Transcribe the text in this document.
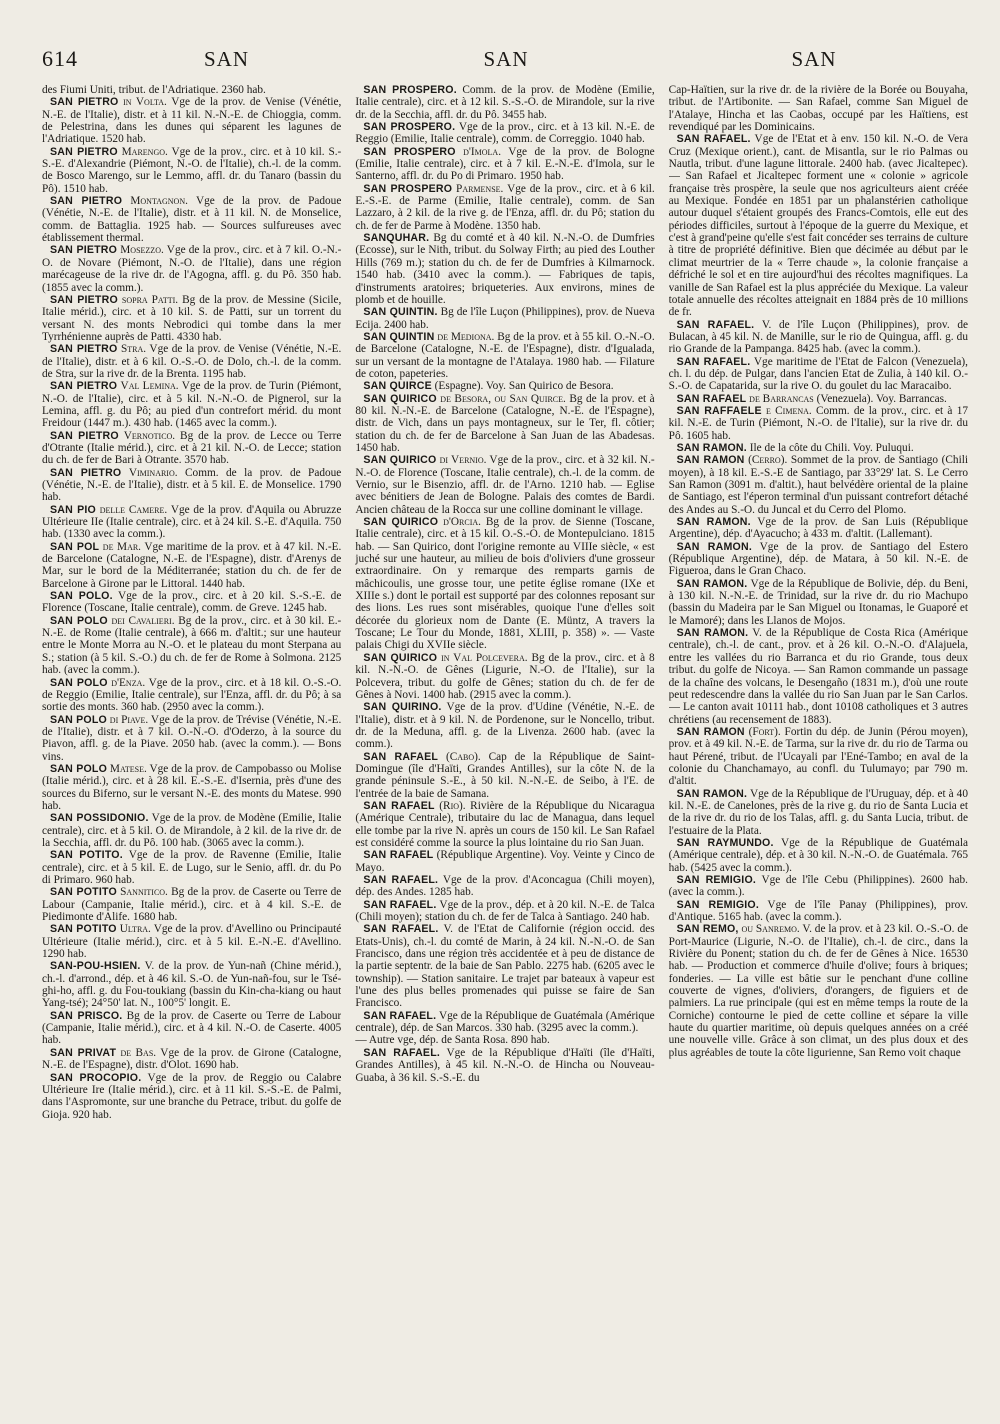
614	SAN	SAN	SAN

des Fiumi Uniti, tribut. de l'Adriatique. 2360 hab.

SAN PIETRO in Volta. Vge de la prov. de Venise (Vénétie, N.-E. de l'Italie), distr. et à 11 kil. N.-N.-E. de Chioggia, comm. de Pelestrina, dans les dunes qui séparent les lagunes de l'Adriatique. 1520 hab.

SAN PIETRO Marengo. Vge de la prov., circ. et à 10 kil. S.-S.-E. d'Alexandrie (Piémont, N.-O. de l'Italie), ch.-l. de la comm. de Bosco Marengo, sur le Lemmo, affl. dr. du Tanaro (bassin du Pô). 1510 hab.

SAN PIETRO Montagnon. Vge de la prov. de Padoue (Vénétie, N.-E. de l'Italie), distr. et à 11 kil. N. de Monselice, comm. de Battaglia. 1925 hab. — Sources sulfureuses avec établissement thermal.

SAN PIETRO Mosezzo. Vge de la prov., circ. et à 7 kil. O.-N.-O. de Novare (Piémont, N.-O. de l'Italie), dans une région marécageuse de la rive dr. de l'Agogna, affl. g. du Pô. 350 hab. (1855 avec la comm.).

SAN PIETRO sopra Patti. Bg de la prov. de Messine (Sicile, Italie mérid.), circ. et à 10 kil. S. de Patti, sur un torrent du versant N. des monts Nebrodici qui tombe dans la mer Tyrrhénienne auprès de Patti. 4330 hab.

SAN PIETRO Stra. Vge de la prov. de Venise (Vénétie, N.-E. de l'Italie), distr. et à 6 kil. O.-S.-O. de Dolo, ch.-l. de la comm. de Stra, sur la rive dr. de la Brenta. 1195 hab.

SAN PIETRO Val Lemina. Vge de la prov. de Turin (Piémont, N.-O. de l'Italie), circ. et à 5 kil. N.-N.-O. de Pignerol, sur la Lemina, affl. g. du Pô; au pied d'un contrefort mérid. du mont Freidour (1447 m.). 430 hab. (1465 avec la comm.).

SAN PIETRO Vernotico. Bg de la prov. de Lecce ou Terre d'Otrante (Italie mérid.), circ. et à 21 kil. N.-O. de Lecce; station du ch. de fer de Bari à Otrante. 3570 hab.

SAN PIETRO Viminario. Comm. de la prov. de Padoue (Vénétie, N.-E. de l'Italie), distr. et à 5 kil. E. de Monselice. 1790 hab.

SAN PIO delle Camere. Vge de la prov. d'Aquila ou Abruzze Ultérieure IIe (Italie centrale), circ. et à 24 kil. S.-E. d'Aquila. 750 hab. (1330 avec la comm.).

SAN POL de Mar. Vge maritime de la prov. et à 47 kil. N.-E. de Barcelone (Catalogne, N.-E. de l'Espagne), distr. d'Arenys de Mar, sur le bord de la Méditerranée; station du ch. de fer de Barcelone à Girone par le Littoral. 1440 hab.

SAN POLO. Vge de la prov., circ. et à 20 kil. S.-S.-E. de Florence (Toscane, Italie centrale), comm. de Greve. 1245 hab.

SAN POLO dei Cavalieri. Bg de la prov., circ. et à 30 kil. E.-N.-E. de Rome (Italie centrale), à 666 m. d'altit.; sur une hauteur entre le Monte Morra au N.-O. et le plateau du mont Sterpana au S.; station (à 5 kil. S.-O.) du ch. de fer de Rome à Solmona. 2125 hab. (avec la comm.).

SAN POLO d'Enza. Vge de la prov., circ. et à 18 kil. O.-S.-O. de Reggio (Emilie, Italie centrale), sur l'Enza, affl. dr. du Pô; à sa sortie des monts. 360 hab. (2950 avec la comm.).

SAN POLO di Piave. Vge de la prov. de Trévise (Vénétie, N.-E. de l'Italie), distr. et à 7 kil. O.-N.-O. d'Oderzo, à la source du Piavon, affl. g. de la Piave. 2050 hab. (avec la comm.). — Bons vins.

SAN POLO Matese. Vge de la prov. de Campobasso ou Molise (Italie mérid.), circ. et à 28 kil. E.-S.-E. d'Isernia, près d'une des sources du Biferno, sur le versant N.-E. des monts du Matese. 990 hab.

SAN POSSIDONIO. Vge de la prov. de Modène (Emilie, Italie centrale), circ. et à 5 kil. O. de Mirandole, à 2 kil. de la rive dr. de la Secchia, affl. dr. du Pô. 100 hab. (3065 avec la comm.).

SAN POTITO. Vge de la prov. de Ravenne (Emilie, Italie centrale), circ. et à 5 kil. E. de Lugo, sur le Senio, affl. dr. du Po di Primaro. 960 hab.

SAN POTITO Sannitico. Bg de la prov. de Caserte ou Terre de Labour (Campanie, Italie mérid.), circ. et à 4 kil. S.-E. de Piedimonte d'Alife. 1680 hab.

SAN POTITO Ultra. Vge de la prov. d'Avellino ou Principauté Ultérieure (Italie mérid.), circ. et à 5 kil. E.-N.-E. d'Avellino. 1290 hab.

SAN-POU-HSIEN. V. de la prov. de Yun-nañ (Chine mérid.), ch.-l. d'arrond., dép. et à 46 kil. S.-O. de Yun-nañ-fou, sur le Tsé-ghi-ho, affl. g. du Fou-toukiang (bassin du Kin-cha-kiang ou haut Yang-tsé); 24°50' lat. N., 100°5' longit. E.

SAN PRISCO. Bg de la prov. de Caserte ou Terre de Labour (Campanie, Italie mérid.), circ. et à 4 kil. N.-O. de Caserte. 4005 hab.

SAN PRIVAT de Bas. Vge de la prov. de Girone (Catalogne, N.-E. de l'Espagne), distr. d'Olot. 1690 hab.

SAN PROCOPIO. Vge de la prov. de Reggio ou Calabre Ultérieure Ire (Italie mérid.), circ. et à 11 kil. S.-S.-E. de Palmi, dans l'Aspromonte, sur une branche du Petrace, tribut. du golfe de Gioja. 920 hab.

SAN PROSPERO. Comm. de la prov. de Modène (Emilie, Italie centrale), circ. et à 12 kil. S.-S.-O. de Mirandole, sur la rive dr. de la Secchia, affl. dr. du Pô. 3455 hab.

SAN PROSPERO. Vge de la prov., circ. et à 13 kil. N.-E. de Reggio (Emilie, Italie centrale), comm. de Correggio. 1040 hab.

SAN PROSPERO d'Imola. Vge de la prov. de Bologne (Emilie, Italie centrale), circ. et à 7 kil. E.-N.-E. d'Imola, sur le Santerno, affl. dr. du Po di Primaro. 1950 hab.

SAN PROSPERO Parmense. Vge de la prov., circ. et à 6 kil. E.-S.-E. de Parme (Emilie, Italie centrale), comm. de San Lazzaro, à 2 kil. de la rive g. de l'Enza, affl. dr. du Pô; station du ch. de fer de Parme à Modène. 1350 hab.

SANQUHAR. Bg du comté et à 40 kil. N.-N.-O. de Dumfries (Ecosse), sur le Nith, tribut. du Solway Firth; au pied des Louther Hills (769 m.); station du ch. de fer de Dumfries à Kilmarnock. 1540 hab. (3410 avec la comm.). — Fabriques de tapis, d'instruments aratoires; briqueteries. Aux environs, mines de plomb et de houille.

SAN QUINTIN. Bg de l'île Luçon (Philippines), prov. de Nueva Ecija. 2400 hab.

SAN QUINTIN de Mediona. Bg de la prov. et à 55 kil. O.-N.-O. de Barcelone (Catalogne, N.-E. de l'Espagne), distr. d'Igualada, sur un versant de la montagne de l'Atalaya. 1980 hab. — Filature de coton, papeteries.

SAN QUIRCE (Espagne). Voy. San Quirico de Besora.

SAN QUIRICO de Besora, ou San Quirce. Bg de la prov. et à 80 kil. N.-N.-E. de Barcelone (Catalogne, N.-E. de l'Espagne), distr. de Vich, dans un pays montagneux, sur le Ter, fl. côtier; station du ch. de fer de Barcelone à San Juan de las Abadesas. 1450 hab.

SAN QUIRICO di Vernio. Vge de la prov., circ. et à 32 kil. N.-N.-O. de Florence (Toscane, Italie centrale), ch.-l. de la comm. de Vernio, sur le Bisenzio, affl. dr. de l'Arno. 1210 hab. — Eglise avec bénitiers de Jean de Bologne. Palais des comtes de Bardi. Ancien château de la Rocca sur une colline dominant le village.

SAN QUIRICO d'Orcia. Bg de la prov. de Sienne (Toscane, Italie centrale), circ. et à 15 kil. O.-S.-O. de Montepulciano. 1815 hab. — San Quirico, dont l'origine remonte au VIIIe siècle, « est juché sur une hauteur, au milieu de bois d'oliviers d'une grosseur extraordinaire. On y remarque des remparts garnis de mâchicoulis, une grosse tour, une petite église romane (IXe et XIIIe s.) dont le portail est supporté par des colonnes reposant sur des lions. Les rues sont misérables, quoique l'une d'elles soit décorée du glorieux nom de Dante (E. Müntz, A travers la Toscane; Le Tour du Monde, 1881, XLIII, p. 358) ». — Vaste palais Chigi du XVIIe siècle.

SAN QUIRICO in Val Polcevera. Bg de la prov., circ. et à 8 kil. N.-N.-O. de Gênes (Ligurie, N.-O. de l'Italie), sur la Polcevera, tribut. du golfe de Gênes; station du ch. de fer de Gênes à Novi. 1400 hab. (2915 avec la comm.).

SAN QUIRINO. Vge de la prov. d'Udine (Vénétie, N.-E. de l'Italie), distr. et à 9 kil. N. de Pordenone, sur le Noncello, tribut. dr. de la Meduna, affl. g. de la Livenza. 2600 hab. (avec la comm.).

SAN RAFAEL (Cabo). Cap de la République de Saint-Domingue (île d'Haïti, Grandes Antilles), sur la côte N. de la grande péninsule S.-E., à 50 kil. N.-N.-E. de Seibo, à l'E. de l'entrée de la baie de Samana.

SAN RAFAEL (Rio). Rivière de la République du Nicaragua (Amérique Centrale), tributaire du lac de Managua, dans lequel elle tombe par la rive N. après un cours de 150 kil. Le San Rafael est considéré comme la source la plus lointaine du rio San Juan.

SAN RAFAEL (République Argentine). Voy. Veinte y Cinco de Mayo.

SAN RAFAEL. Vge de la prov. d'Aconcagua (Chili moyen), dép. des Andes. 1285 hab.

SAN RAFAEL. Vge de la prov., dép. et à 20 kil. N.-E. de Talca (Chili moyen); station du ch. de fer de Talca à Santiago. 240 hab.

SAN RAFAEL. V. de l'Etat de Californie (région occid. des Etats-Unis), ch.-l. du comté de Marin, à 24 kil. N.-N.-O. de San Francisco, dans une région très accidentée et à peu de distance de la partie septentr. de la baie de San Pablo. 2275 hab. (6205 avec le township). — Station sanitaire. Le trajet par bateaux à vapeur est l'une des plus belles promenades qui puisse se faire de San Francisco.

SAN RAFAEL. Vge de la République de Guatémala (Amérique centrale), dép. de San Marcos. 330 hab. (3295 avec la comm.).

— Autre vge, dép. de Santa Rosa. 890 hab.

SAN RAFAEL. Vge de la République d'Haïti (île d'Haïti, Grandes Antilles), à 45 kil. N.-N.-O. de Hincha ou Nouveau-Guaba, à 36 kil. S.-S.-E. du

Cap-Haïtien, sur la rive dr. de la rivière de la Borée ou Bouyaha, tribut. de l'Artibonite. — San Rafael, comme San Miguel de l'Atalaye, Hincha et las Caobas, occupé par les Haïtiens, est revendiqué par les Dominicains.

SAN RAFAEL. Vge de l'Etat et à env. 150 kil. N.-O. de Vera Cruz (Mexique orient.), cant. de Misantla, sur le rio Palmas ou Nautla, tribut. d'une lagune littorale. 2400 hab. (avec Jicaltepec). — San Rafael et Jicaltepec forment une « colonie » agricole française très prospère, la seule que nos agriculteurs aient créée au Mexique. Fondée en 1851 par un phalanstérien catholique autour duquel s'étaient groupés des Francs-Comtois, elle eut des périodes difficiles, surtout à l'époque de la guerre du Mexique, et c'est à grand'peine qu'elle s'est fait concéder ses terrains de culture à titre de propriété définitive. Bien que décimée au début par le climat meurtrier de la « Terre chaude », la colonie française a défriché le sol et en tire aujourd'hui des récoltes magnifiques. La vanille de San Rafael est la plus appréciée du Mexique. La valeur totale annuelle des récoltes atteignait en 1884 près de 10 millions de fr.

SAN RAFAEL. V. de l'île Luçon (Philippines), prov. de Bulacan, à 45 kil. N. de Manille, sur le rio de Quingua, affl. g. du rio Grande de la Pampanga. 8425 hab. (avec la comm.).

SAN RAFAEL. Vge maritime de l'Etat de Falcon (Venezuela), ch. l. du dép. de Pulgar, dans l'ancien Etat de Zulia, à 140 kil. O.-S.-O. de Capatarida, sur la rive O. du goulet du lac Maracaibo.

SAN RAFAEL de Barrancas (Venezuela). Voy. Barrancas.

SAN RAFFAELE e Cimena. Comm. de la prov., circ. et à 17 kil. N.-E. de Turin (Piémont, N.-O. de l'Italie), sur la rive dr. du Pô. 1605 hab.

SAN RAMON. Ile de la côte du Chili. Voy. Puluqui.

SAN RAMON (Cerro). Sommet de la prov. de Santiago (Chili moyen), à 18 kil. E.-S.-E de Santiago, par 33°29' lat. S. Le Cerro San Ramon (3091 m. d'altit.), haut belvédère oriental de la plaine de Santiago, est l'éperon terminal d'un puissant contrefort détaché des Andes au S.-O. du Juncal et du Cerro del Plomo.

SAN RAMON. Vge de la prov. de San Luis (République Argentine), dép. d'Ayacucho; à 433 m. d'altit. (Lallemant).

SAN RAMON. Vge de la prov. de Santiago del Estero (République Argentine), dép. de Matara, à 50 kil. N.-E. de Figueroa, dans le Gran Chaco.

SAN RAMON. Vge de la République de Bolivie, dép. du Beni, à 130 kil. N.-N.-E. de Trinidad, sur la rive dr. du rio Machupo (bassin du Madeira par le San Miguel ou Itonamas, le Guaporé et le Mamoré); dans les Llanos de Mojos.

SAN RAMON. V. de la République de Costa Rica (Amérique centrale), ch.-l. de cant., prov. et à 26 kil. O.-N.-O. d'Alajuela, entre les vallées du rio Barranca et du rio Grande, tous deux tribut. du golfe de Nicoya. — San Ramon commande un passage de la chaîne des volcans, le Desengaño (1831 m.), d'où une route peut redescendre dans la vallée du rio San Juan par le San Carlos. — Le canton avait 10111 hab., dont 10108 catholiques et 3 autres chrétiens (au recensement de 1883).

SAN RAMON (Fort). Fortin du dép. de Junin (Pérou moyen), prov. et à 49 kil. N.-E. de Tarma, sur la rive dr. du rio de Tarma ou haut Pérené, tribut. de l'Ucayali par l'Ené-Tambo; en aval de la colonie du Chanchamayo, au confl. du Tulumayo; par 790 m. d'altit.

SAN RAMON. Vge de la République de l'Uruguay, dép. et à 40 kil. N.-E. de Canelones, près de la rive g. du rio de Santa Lucia et de la rive dr. du rio de los Talas, affl. g. du Santa Lucia, tribut. de l'estuaire de la Plata.

SAN RAYMUNDO. Vge de la République de Guatémala (Amérique centrale), dép. et à 30 kil. N.-N.-O. de Guatémala. 765 hab. (5425 avec la comm.).

SAN REMIGIO. Vge de l'île Cebu (Philippines). 2600 hab. (avec la comm.).

SAN REMIGIO. Vge de l'île Panay (Philippines), prov. d'Antique. 5165 hab. (avec la comm.).

SAN REMO, ou Sanremo. V. de la prov. et à 23 kil. O.-S.-O. de Port-Maurice (Ligurie, N.-O. de l'Italie), ch.-l. de circ., dans la Rivière du Ponent; station du ch. de fer de Gênes à Nice. 16530 hab. — Production et commerce d'huile d'olive; fours à briques; fonderies. — La ville est bâtie sur le penchant d'une colline couverte de vignes, d'oliviers, d'orangers, de figuiers et de palmiers. La rue principale (qui est en même temps la route de la Corniche) contourne le pied de cette colline et sépare la ville haute du quartier maritime, où depuis quelques années on a créé une nouvelle ville. Grâce à son climat, un des plus doux et des plus agréables de toute la côte ligurienne, San Remo voit chaque
